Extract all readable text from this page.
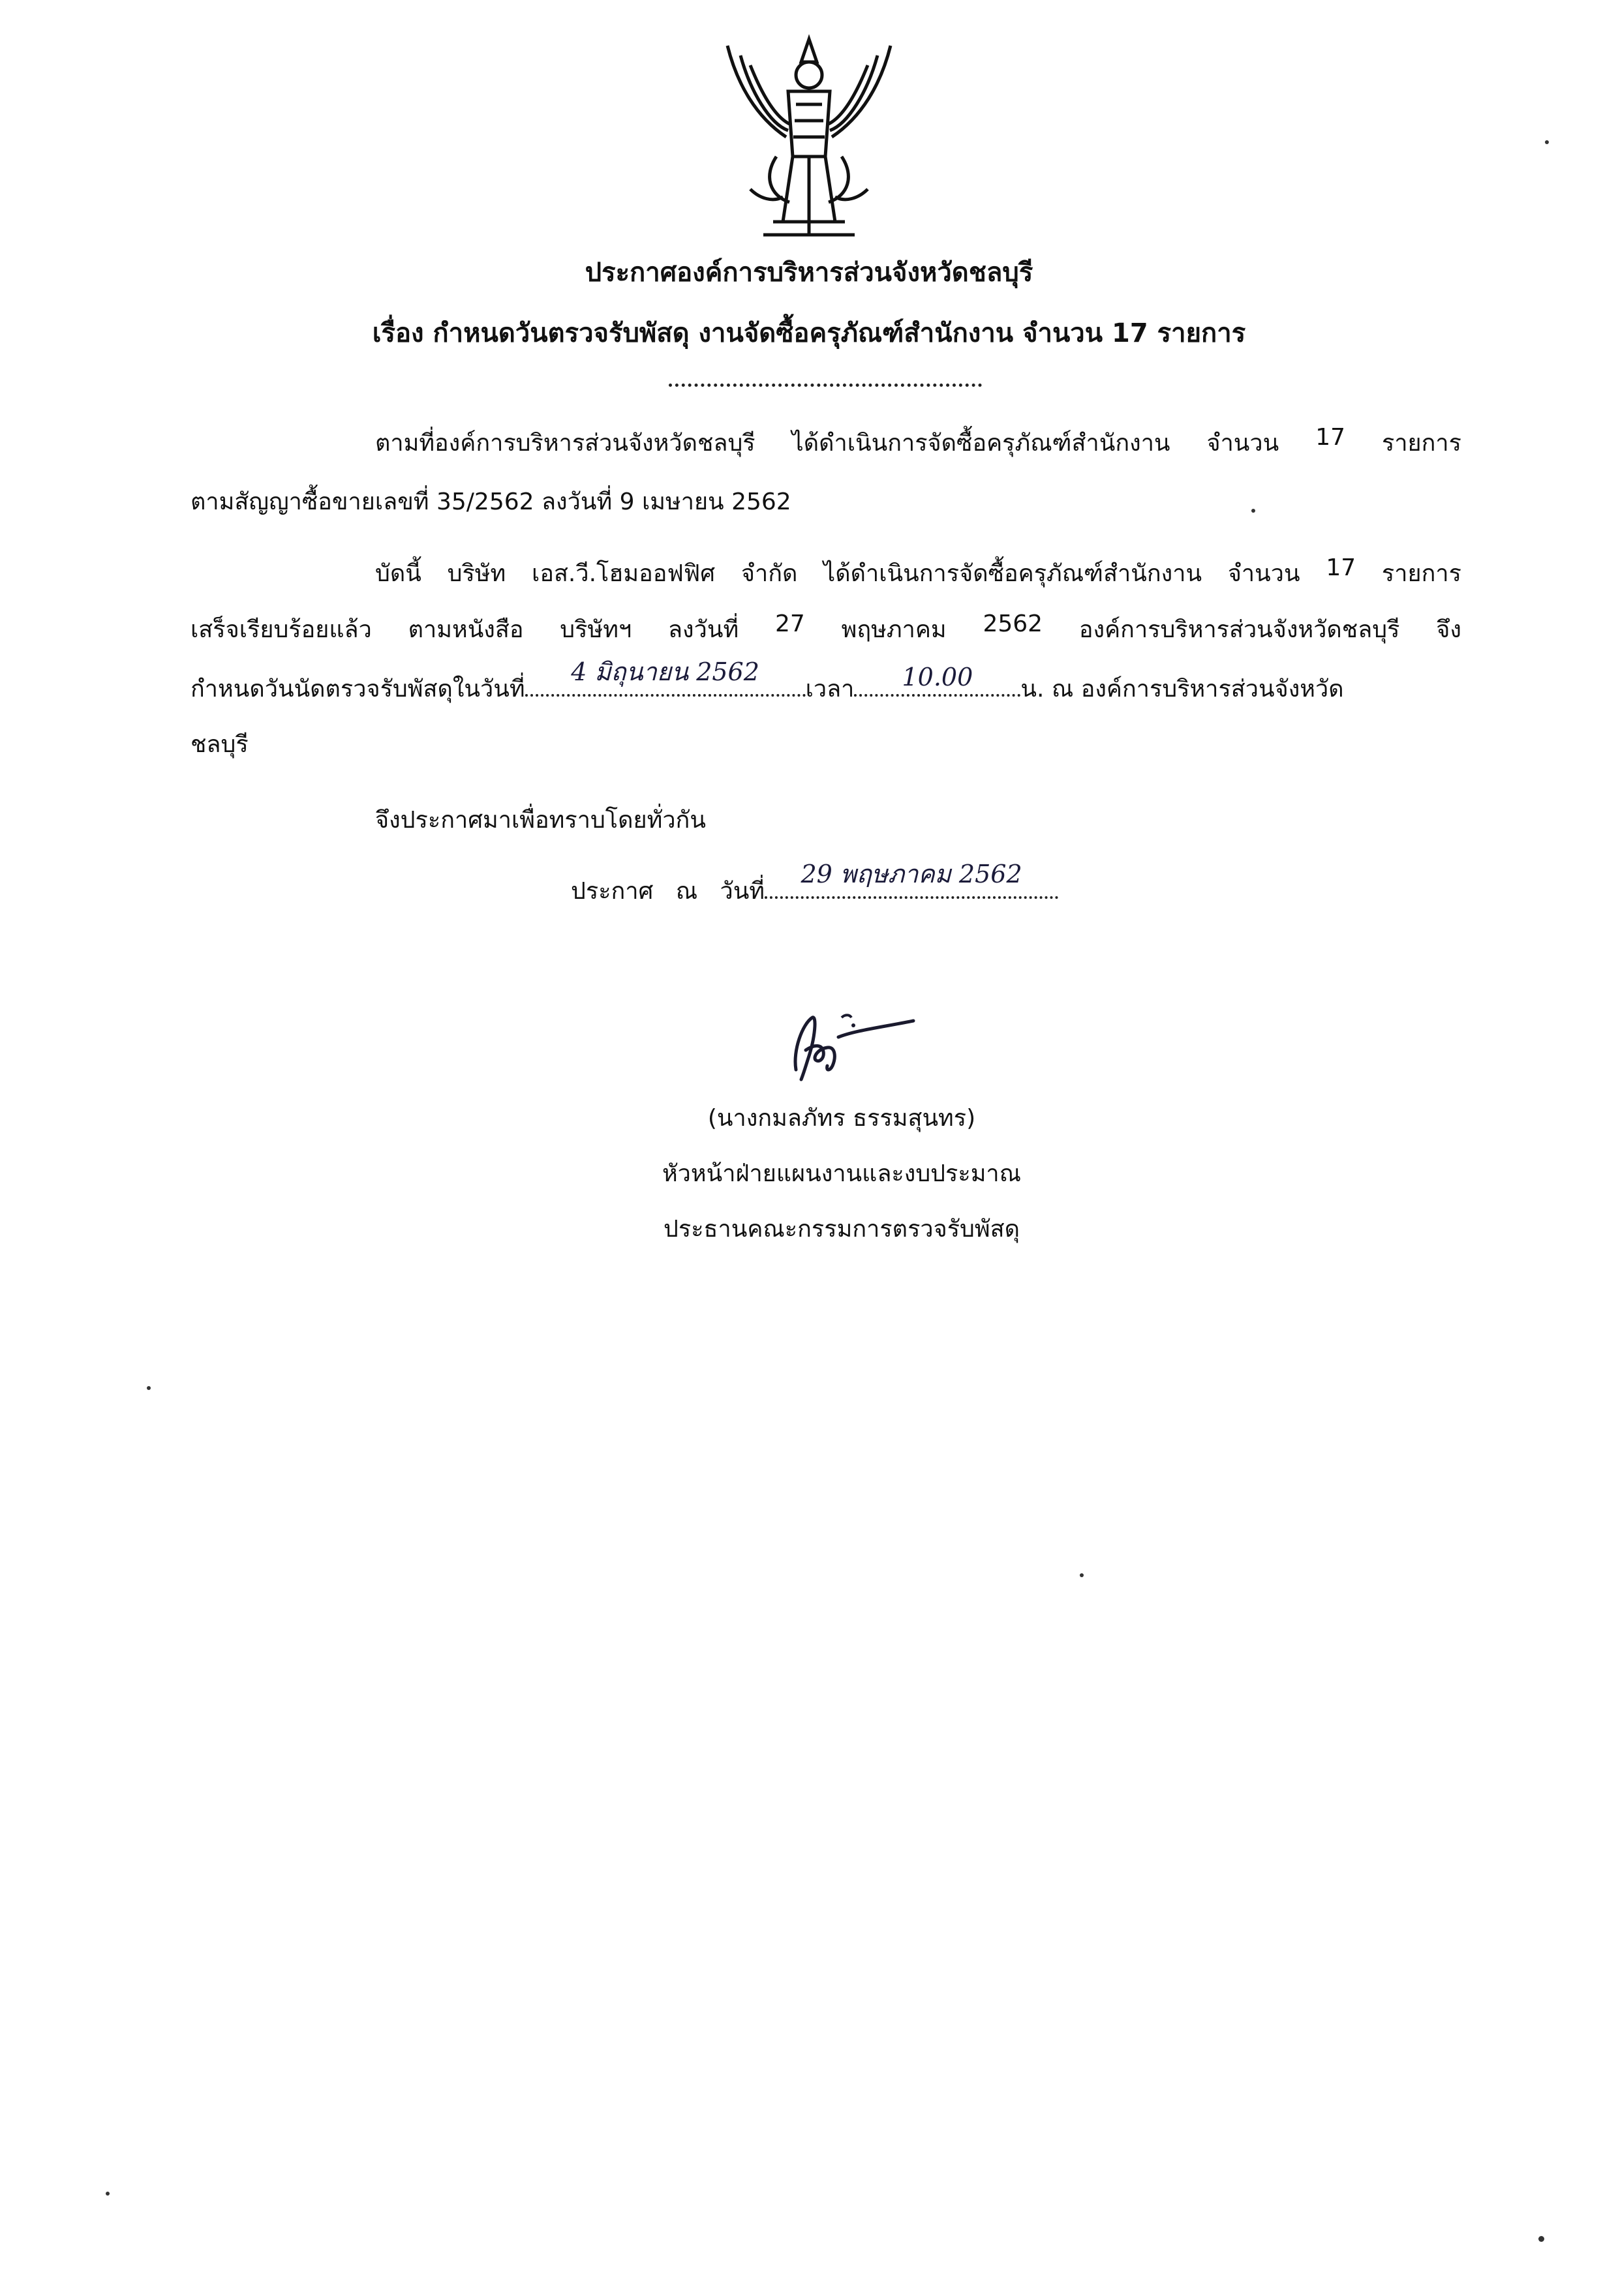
ประกาศองค์การบริหารส่วนจังหวัดชลบุรี
เรื่อง กำหนดวันตรวจรับพัสดุ งานจัดซื้อครุภัณฑ์สำนักงาน จำนวน 17 รายการ
ตามที่องค์การบริหารส่วนจังหวัดชลบุรี ได้ดำเนินการจัดซื้อครุภัณฑ์สำนักงาน จำนวน 17 รายการ
ตามสัญญาซื้อขายเลขที่ 35/2562 ลงวันที่ 9 เมษายน 2562
บัดนี้ บริษัท เอส.วี.โฮมออฟฟิศ จำกัด ได้ดำเนินการจัดซื้อครุภัณฑ์สำนักงาน จำนวน 17 รายการ
เสร็จเรียบร้อยแล้ว ตามหนังสือ บริษัทฯ ลงวันที่ 27 พฤษภาคม 2562 องค์การบริหารส่วนจังหวัดชลบุรี จึง
กำหนดวันนัดตรวจรับพัสดุในวันที่
4 มิถุนายน 2562
เวลา	10.00	น. ณ องค์การบริหารส่วนจังหวัด
ชลบุรี
จึงประกาศมาเพื่อทราบโดยทั่วกัน
ประกาศ ณ วันที่
29 พฤษภาคม 2562
(นางกมลภัทร ธรรมสุนทร)
หัวหน้าฝ่ายแผนงานและงบประมาณ
ประธานคณะกรรมการตรวจรับพัสดุ
